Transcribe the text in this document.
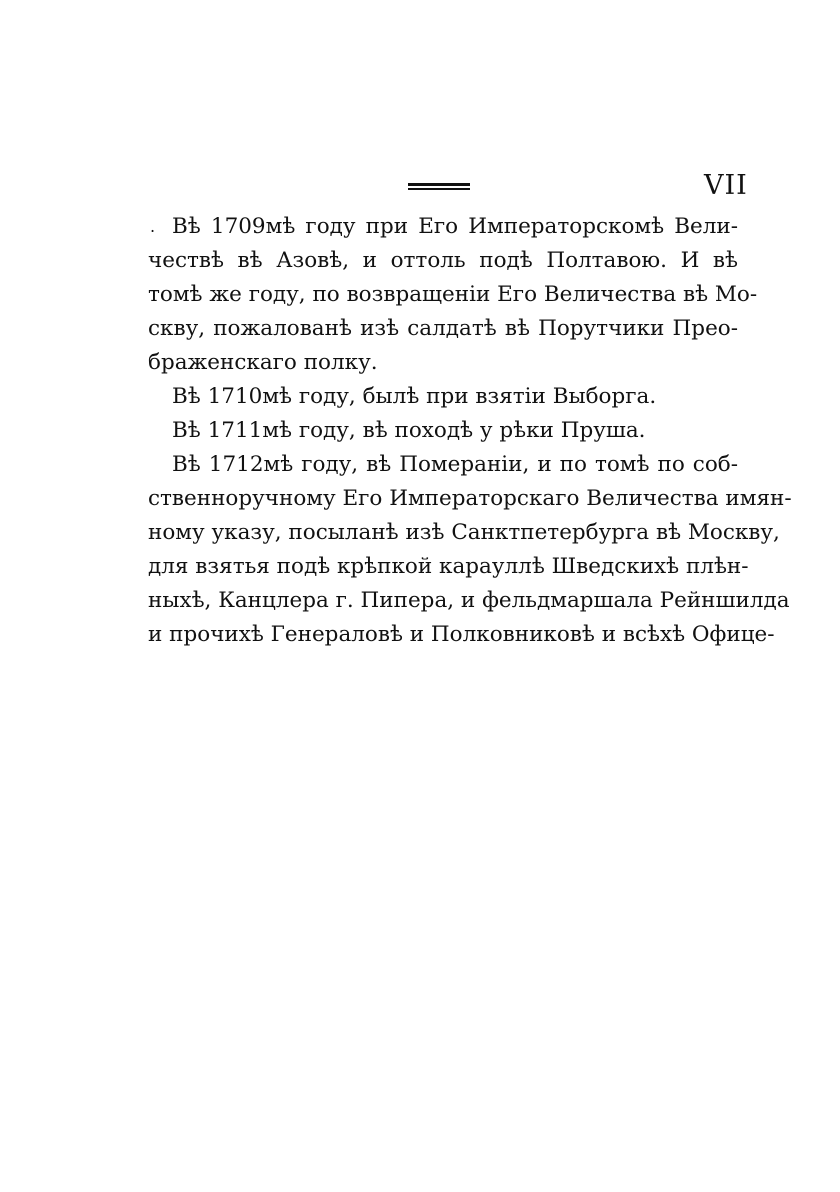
VII
. Вѣ 1709мѣ году при Его Императорскомѣ Вели-
чествѣ вѣ Азовѣ, и оттоль подѣ Полтавою. И вѣ
томѣ же году, по возвращеніи Его Величества вѣ Мо-
скву, пожалованѣ изѣ салдатѣ вѣ Порутчики Прео-
браженскаго полку.
Вѣ 1710мѣ году, былѣ при взятіи Выборга.
Вѣ 1711мѣ году, вѣ походѣ у рѣки Пруша.
Вѣ 1712мѣ году, вѣ Помераніи, и по томѣ по соб-
ственноручному Его Императорскаго Величества имян-
ному указу, посыланѣ изѣ Санктпетербурга вѣ Москву,
для взятья подѣ крѣпкой карауллѣ Шведскихѣ плѣн-
ныхѣ, Канцлера г. Пипера, и фельдмаршала Рейншилда
и прочихѣ Генераловѣ и Полковниковѣ и всѣхѣ Офице-
